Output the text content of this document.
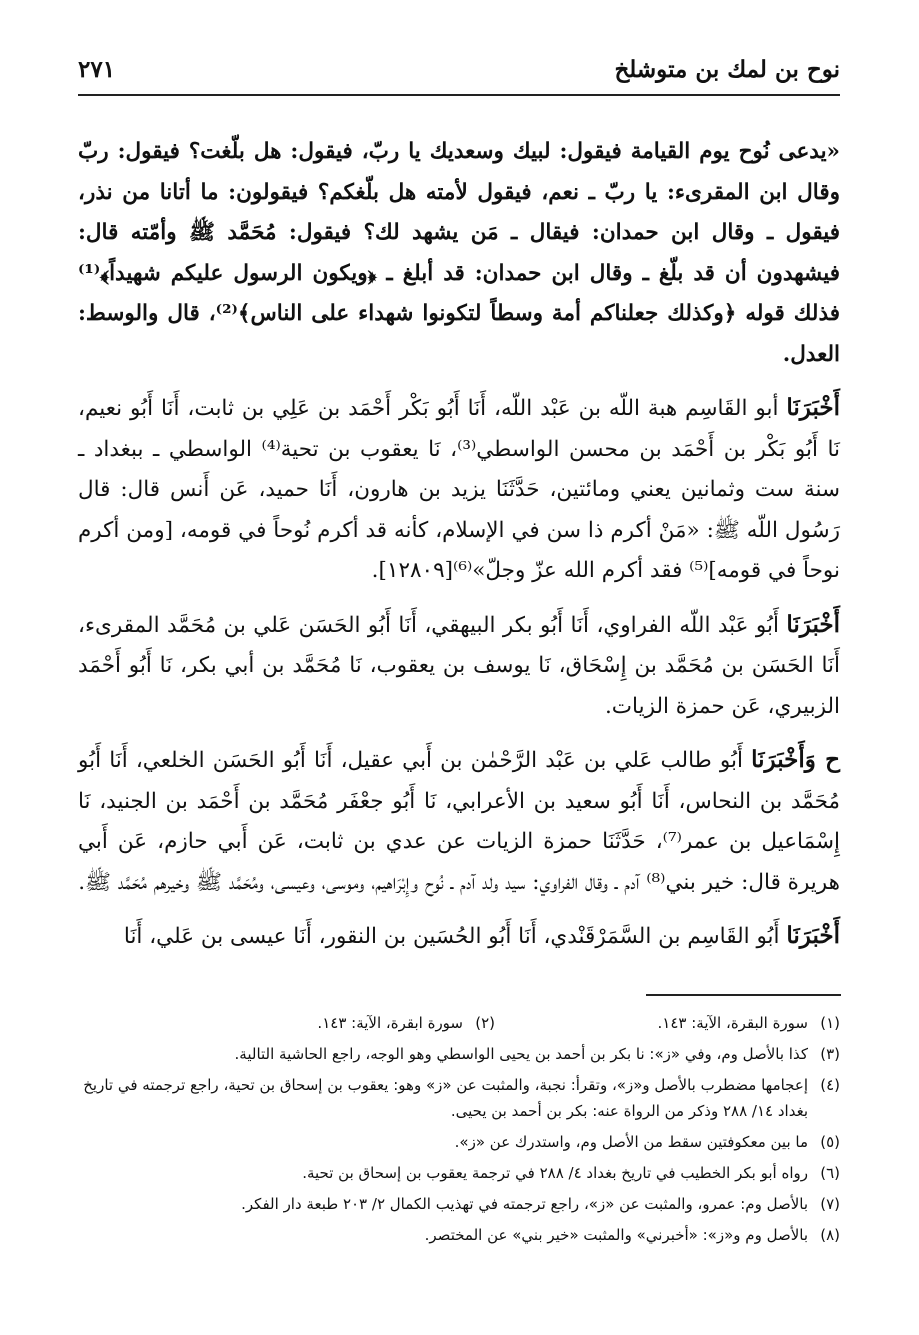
نوح بن لمك بن متوشلخ
٢٧١

«يدعى نُوح يوم القيامة فيقول: لبيك وسعديك يا ربّ، فيقول: هل بلّغت؟ فيقول: ربّ وقال ابن المقرىء: يا ربّ ـ نعم، فيقول لأمته هل بلّغكم؟ فيقولون: ما أتانا من نذر، فيقول ـ وقال ابن حمدان: فيقال ـ مَن يشهد لك؟ فيقول: مُحَمَّد ﷺ وأمّته قال: فيشهدون أن قد بلّغ ـ وقال ابن حمدان: قد أبلغ ـ ﴿ويكون الرسول عليكم شهيداً﴾⁽¹⁾ فذلك قوله ﴿وكذلك جعلناكم أمة وسطاً لتكونوا شهداء على الناس﴾⁽²⁾، قال والوسط: العدل.

أَخْبَرَنَا أبو القَاسِم هبة اللّه بن عَبْد اللّه، أَنَا أَبُو بَكْر أَحْمَد بن عَلِي بن ثابت، أَنَا أَبُو نعيم، نَا أَبُو بَكْر بن أَحْمَد بن محسن الواسطي⁽³⁾، نَا يعقوب بن تحية⁽⁴⁾ الواسطي ـ ببغداد ـ سنة ست وثمانين يعني ومائتين، حَدَّثَنَا يزيد بن هارون، أَنَا حميد، عَن أَنس قال: قال رَسُول اللّه ﷺ: «مَنْ أكرم ذا سن في الإسلام، كأنه قد أكرم نُوحاً في قومه، [ومن أكرم نوحاً في قومه]⁽⁵⁾ فقد أكرم الله عزّ وجلّ»⁽⁶⁾[١٢٨٠٩].

أَخْبَرَنَا أَبُو عَبْد اللّه الفراوي، أَنَا أَبُو بكر البيهقي، أَنَا أَبُو الحَسَن عَلي بن مُحَمَّد المقرىء، أَنَا الحَسَن بن مُحَمَّد بن إِسْحَاق، نَا يوسف بن يعقوب، نَا مُحَمَّد بن أبي بكر، نَا أَبُو أَحْمَد الزبيري، عَن حمزة الزيات.

ح وَأَخْبَرَنَا أَبُو طالب عَلي بن عَبْد الرَّحْمٰن بن أَبي عقيل، أَنَا أَبُو الحَسَن الخلعي، أَنَا أَبُو مُحَمَّد بن النحاس، أَنَا أَبُو سعيد بن الأعرابي، نَا أَبُو جعْفَر مُحَمَّد بن أَحْمَد بن الجنيد، نَا إِسْمَاعيل بن عمر⁽⁷⁾، حَدَّثَنَا حمزة الزيات عن عدي بن ثابت، عَن أَبي حازم، عَن أَبي هريرة قال: خير بني⁽⁸⁾ آدم ـ وقال الفراوي: سيد ولد آدم ـ نُوح وإِبْرَاهيم، وموسى، وعيسى، ومُحَمَّد ﷺ وخيرهم مُحَمَّد ﷺ.

أَخْبَرَنَا أَبُو القَاسِم بن السَّمَرْقَنْدي، أَنَا أَبُو الحُسَين بن النقور، أَنَا عيسى بن عَلي، أَنَا

(١)
سورة البقرة، الآية: ١٤٣.
(٢)
سورة ابقرة، الآية: ١٤٣.
(٣)
كذا بالأصل وم، وفي «ز»: نا بكر بن أحمد بن يحيى الواسطي وهو الوجه، راجع الحاشية التالية.
(٤)
إعجامها مضطرب بالأصل و«ز»، وتقرأ: نجبة، والمثبت عن «ز» وهو: يعقوب بن إسحاق بن تحية، راجع ترجمته في تاريخ بغداد ١٤/ ٢٨٨ وذكر من الرواة عنه: بكر بن أحمد بن يحيى.
(٥)
ما بين معكوفتين سقط من الأصل وم، واستدرك عن «ز».
(٦)
رواه أبو بكر الخطيب في تاريخ بغداد ٤/ ٢٨٨ في ترجمة يعقوب بن إسحاق بن تحية.
(٧)
بالأصل وم: عمرو، والمثبت عن «ز»، راجع ترجمته في تهذيب الكمال ٢/ ٢٠٣ طبعة دار الفكر.
(٨)
بالأصل وم و«ز»: «أخبرني» والمثبت «خير بني» عن المختصر.
